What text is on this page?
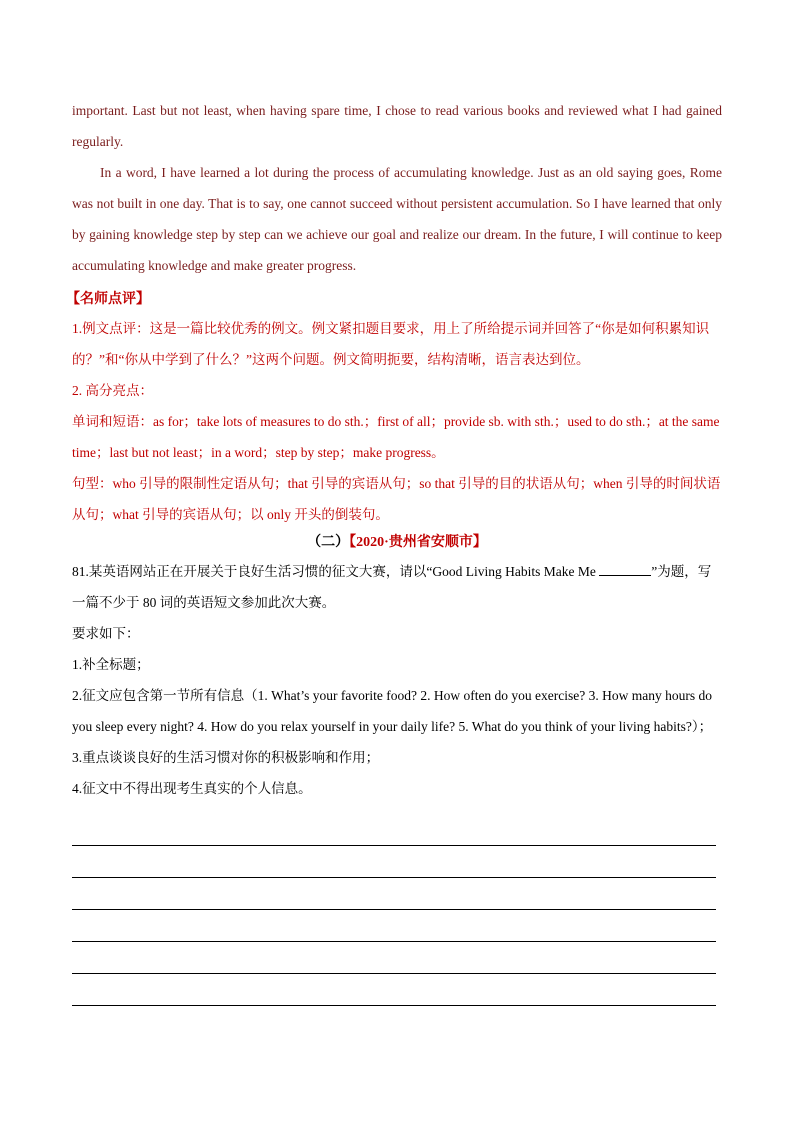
important. Last but not least, when having spare time, I chose to read various books and reviewed what I had gained regularly.

In a word, I have learned a lot during the process of accumulating knowledge. Just as an old saying goes, Rome was not built in one day. That is to say, one cannot succeed without persistent accumulation. So I have learned that only by gaining knowledge step by step can we achieve our goal and realize our dream. In the future, I will continue to keep accumulating knowledge and make greater progress.

【名师点评】

1.例文点评：这是一篇比较优秀的例文。例文紧扣题目要求，用上了所给提示词并回答了“你是如何积累知识的？”和“你从中学到了什么？”这两个问题。例文简明扼要，结构清晰，语言表达到位。

2. 高分亮点：

单词和短语：as for；take lots of measures to do sth.；first of all；provide sb. with sth.；used to do sth.；at the same time；last but not least；in a word；step by step；make progress。

句型：who 引导的限制性定语从句；that 引导的宾语从句；so that 引导的目的状语从句；when 引导的时间状语从句；what 引导的宾语从句；以 only 开头的倒装句。

（二）【2020·贵州省安顺市】

81.某英语网站正在开展关于良好生活习惯的征文大赛，请以“Good Living Habits Make Me	”为题，写一篇不少于 80 词的英语短文参加此次大赛。

要求如下：

1.补全标题；

2.征文应包含第一节所有信息（1. What’s your favorite food? 2. How often do you exercise? 3. How many hours do you sleep every night? 4. How do you relax yourself in your daily life? 5. What do you think of your living habits?）；

3.重点谈谈良好的生活习惯对你的积极影响和作用；

4.征文中不得出现考生真实的个人信息。
